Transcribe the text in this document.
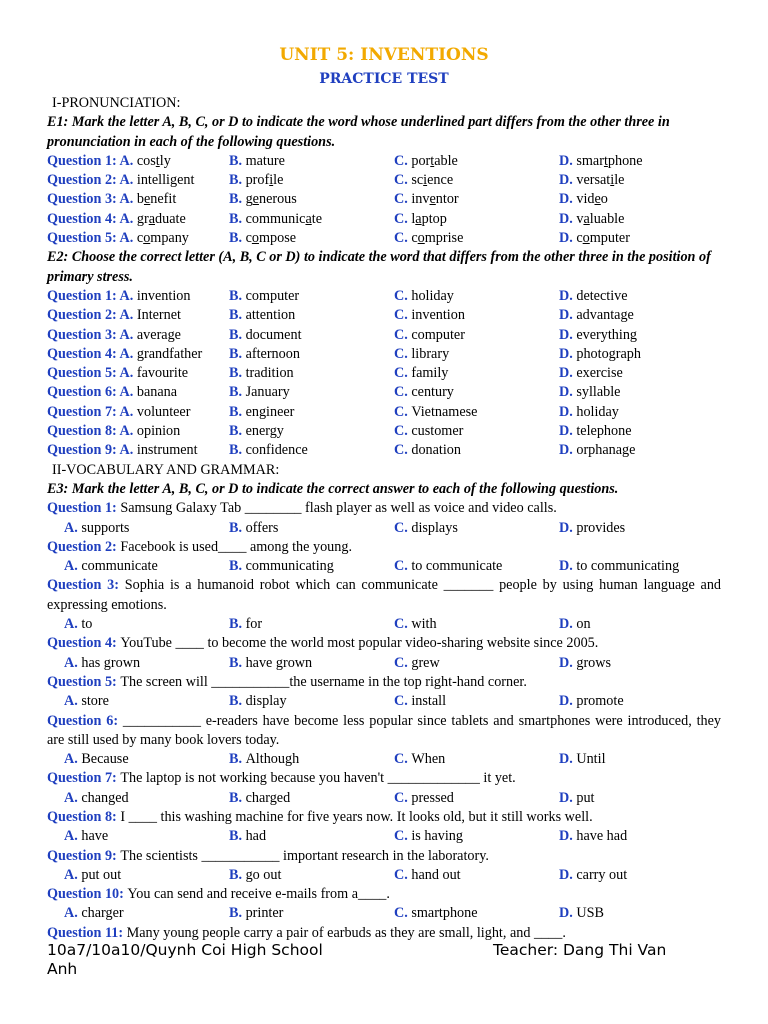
UNIT 5: INVENTIONS
PRACTICE TEST
I-PRONUNCIATION:
E1: Mark the letter A, B, C, or D to indicate the word whose underlined part differs from the other three in pronunciation in each of the following questions.
Question 1: A. costly	B. mature	C. portable	D. smartphone
Question 2: A. intelligent	B. profile	C. science	D. versatile
Question 3: A. benefit	B. generous	C. inventor	D. video
Question 4: A. graduate	B. communicate	C. laptop	D. valuable
Question 5: A. company	B. compose	C. comprise	D. computer
E2: Choose the correct letter (A, B, C or D) to indicate the word that differs from the other three in the position of primary stress.
Question 1: A. invention	B. computer	C. holiday	D. detective
Question 2: A. Internet	B. attention	C. invention	D. advantage
Question 3: A. average	B. document	C. computer	D. everything
Question 4: A. grandfather	B. afternoon	C. library	D. photograph
Question 5: A. favourite	B. tradition	C. family	D. exercise
Question 6: A. banana	B. January	C. century	D. syllable
Question 7: A. volunteer	B. engineer	C. Vietnamese	D. holiday
Question 8: A. opinion	B. energy	C. customer	D. telephone
Question 9: A. instrument	B. confidence	C. donation	D. orphanage
II-VOCABULARY AND GRAMMAR:
E3: Mark the letter A, B, C, or D to indicate the correct answer to each of the following questions.
Question 1: Samsung Galaxy Tab ________ flash player as well as voice and video calls.
A. supports	B. offers	C. displays	D. provides
Question 2: Facebook is used____ among the young.
A. communicate	B. communicating	C. to communicate	D. to communicating
Question 3: Sophia is a humanoid robot which can communicate _______ people by using human language and expressing emotions.
A. to	B. for	C. with	D. on
Question 4: YouTube ____ to become the world most popular video-sharing website since 2005.
A. has grown	B. have grown	C. grew	D. grows
Question 5: The screen will ___________the username in the top right-hand corner.
A. store	B. display	C. install	D. promote
Question 6: ___________ e-readers have become less popular since tablets and smartphones were introduced, they are still used by many book lovers today.
A. Because	B. Although	C. When	D. Until
Question 7: The laptop is not working because you haven't _____________ it yet.
A. changed	B. charged	C. pressed	D. put
Question 8: I ____ this washing machine for five years now. It looks old, but it still works well.
A. have	B. had	C. is having	D. have had
Question 9: The scientists ___________ important research in the laboratory.
A. put out	B. go out	C. hand out	D. carry out
Question 10: You can send and receive e-mails from a____.
A. charger	B. printer	C. smartphone	D. USB
Question 11: Many young people carry a pair of earbuds as they are small, light, and ____.
10a7/10a10/Quynh Coi High School	Teacher: Dang Thi Van
Anh
